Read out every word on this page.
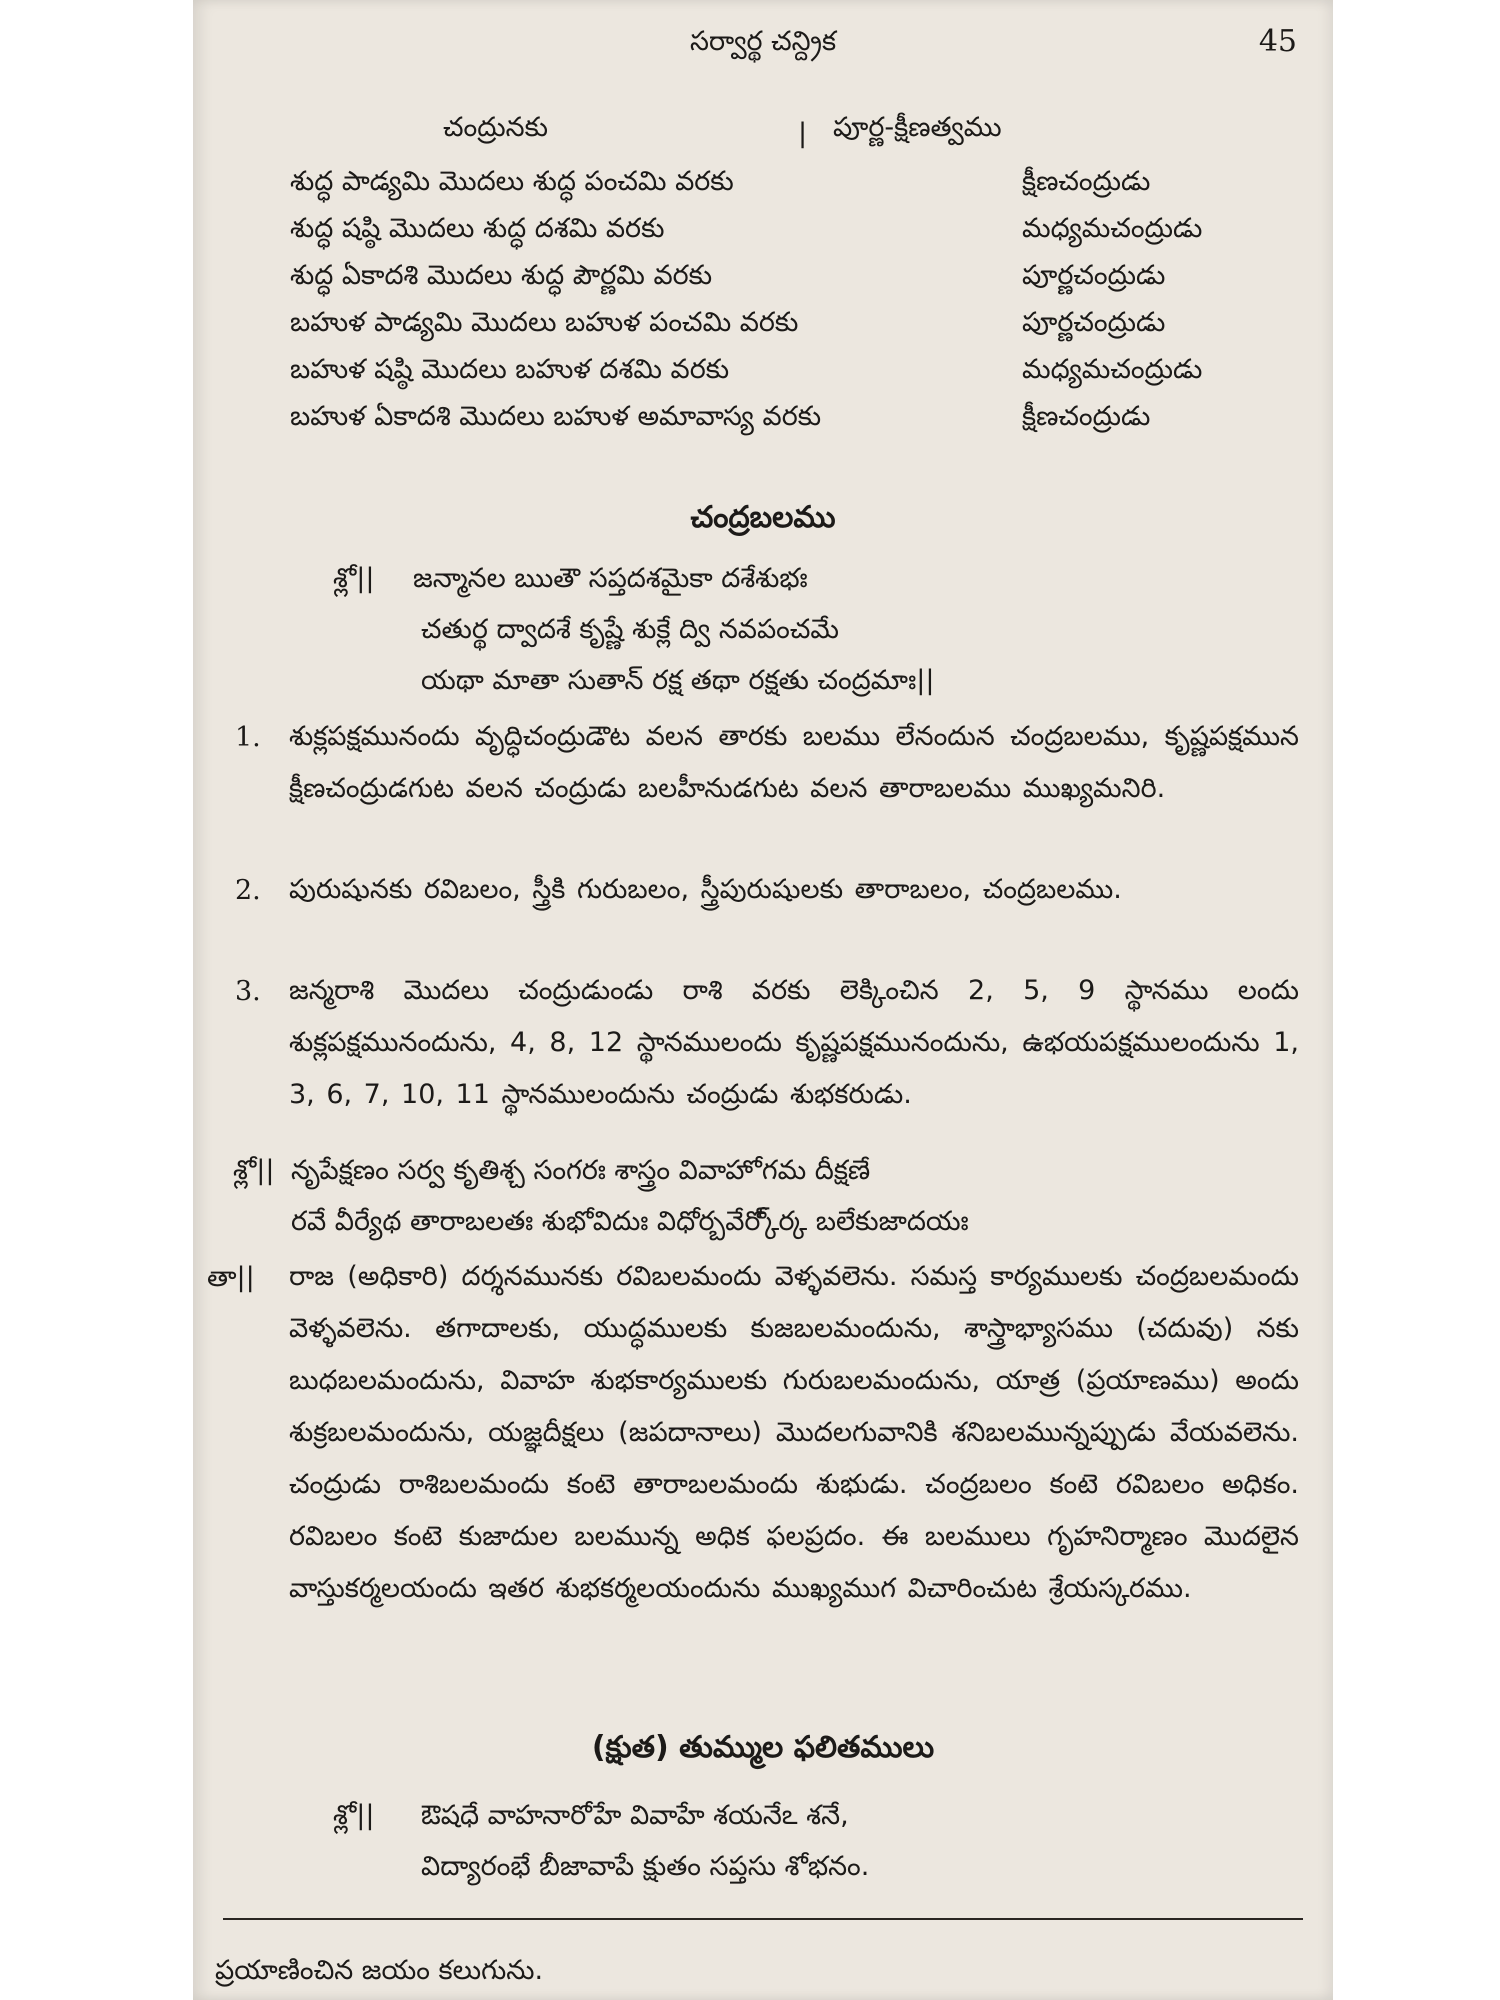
సర్వార్థ చన్ద్రిక	45
చంద్రునకు	| పూర్ణ-క్షీణత్వము
శుద్ధ పాడ్యమి మొదలు శుద్ధ పంచమి వరకు	క్షీణచంద్రుడు
శుద్ధ షష్ఠి మొదలు శుద్ధ దశమి వరకు	మధ్యమచంద్రుడు
శుద్ధ ఏకాదశి మొదలు శుద్ధ పౌర్ణమి వరకు	పూర్ణచంద్రుడు
బహుళ పాడ్యమి మొదలు బహుళ పంచమి వరకు	పూర్ణచంద్రుడు
బహుళ షష్ఠి మొదలు బహుళ దశమి వరకు	మధ్యమచంద్రుడు
బహుళ ఏకాదశి మొదలు బహుళ అమావాస్య వరకు	క్షీణచంద్రుడు
చంద్రబలము
శ్లో|| జన్మానల ఋతౌ సప్తదశమైకా దశేశుభః
చతుర్థ ద్వాదశే కృష్ణే శుక్లే ద్వి నవపంచమే
యథా మాతా సుతాన్ రక్ష తథా రక్షతు చంద్రమాః||
1. శుక్లపక్షమునందు వృద్ధిచంద్రుడౌట వలన తారకు బలము లేనందున చంద్రబలము, కృష్ణపక్షమున క్షీణచంద్రుడగుట వలన చంద్రుడు బలహీనుడగుట వలన తారాబలము ముఖ్యమనిరి.
2. పురుషునకు రవిబలం, స్త్రీకి గురుబలం, స్త్రీపురుషులకు తారాబలం, చంద్రబలము.
3. జన్మరాశి మొదలు చంద్రుడుండు రాశి వరకు లెక్కించిన 2, 5, 9 స్థానము లందు శుక్లపక్షమునందును, 4, 8, 12 స్థానములందు కృష్ణపక్షమునందును, ఉభయపక్షములందును 1, 3, 6, 7, 10, 11 స్థానములందును చంద్రుడు శుభకరుడు.
శ్లో|| నృపేక్షణం సర్వ కృతిశ్చ సంగరః శాస్త్రం వివాహోగమ దీక్షణే
రవే వీర్యేథ తారాబలతః శుభోవిదుః విధోర్బవేర్కో్ర్క బలేకుజాదయః
తా|| రాజ (అధికారి) దర్శనమునకు రవిబలమందు వెళ్ళవలెను. సమస్త కార్యములకు చంద్రబలమందు వెళ్ళవలెను. తగాదాలకు, యుద్ధములకు కుజబలమందును, శాస్త్రాభ్యాసము (చదువు) నకు బుధబలమందును, వివాహ శుభకార్యములకు గురుబలమందును, యాత్ర (ప్రయాణము) అందు శుక్రబలమందును, యజ్ఞదీక్షలు (జపదానాలు) మొదలగువానికి శనిబలమున్నప్పుడు వేయవలెను. చంద్రుడు రాశిబలమందు కంటె తారాబలమందు శుభుడు. చంద్రబలం కంటె రవిబలం అధికం. రవిబలం కంటె కుజాదుల బలమున్న అధిక ఫలప్రదం. ఈ బలములు గృహనిర్మాణం మొదలైన వాస్తుకర్మలయందు ఇతర శుభకర్మలయందును ముఖ్యముగ విచారించుట శ్రేయస్కరము.
(క్షుత) తుమ్ముల ఫలితములు
శ్లో|| ఔషధే వాహనారోహే వివాహే శయనేఽ శనే,
విద్యారంభే బీజావాపే క్షుతం సప్తసు శోభనం.
ప్రయాణించిన జయం కలుగును.
